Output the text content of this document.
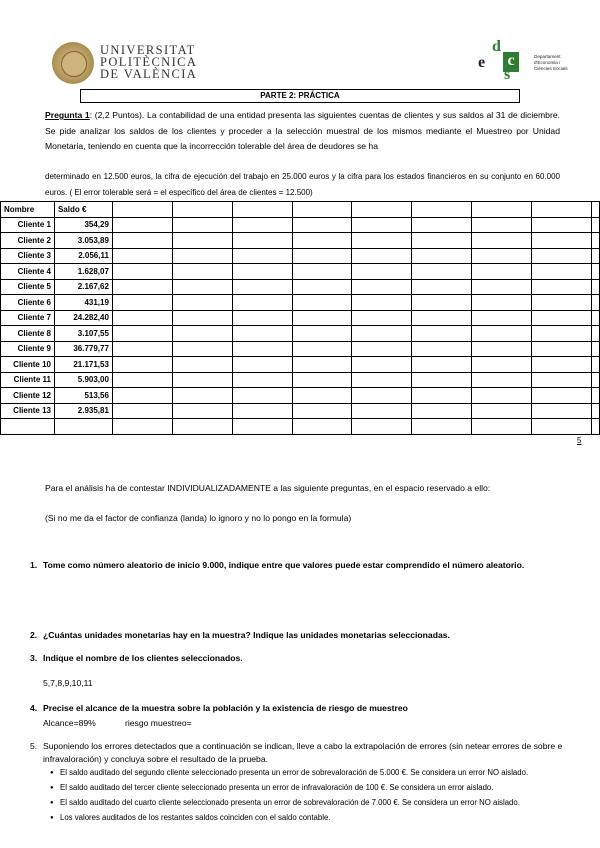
UNIVERSITAT
POLITÈCNICA
DE VALÈNCIA
d
e c
s
Departament
d'Economia i
Ciències Socials
PARTE 2: PRÁCTICA
Pregunta 1: (2,2 Puntos). La contabilidad de una entidad presenta las siguientes cuentas de clientes y sus saldos al 31 de diciembre. Se pide analizar los saldos de los clientes y proceder a la selección muestral de los mismos mediante el Muestreo por Unidad Monetaria, teniendo en cuenta que la incorrección tolerable del área de deudores se ha
determinado en 12.500 euros, la cifra de ejecución del trabajo en 25.000 euros y la cifra para los estados financieros en su conjunto en 60.000 euros. ( El error tolerable será = el específico del área de clientes = 12.500)
Nombre	Saldo €									
Cliente 1	354,29									
Cliente 2	3.053,89									
Cliente 3	2.056,11									
Cliente 4	1.628,07									
Cliente 5	2.167,62									
Cliente 6	431,19									
Cliente 7	24.282,40									
Cliente 8	3.107,55									
Cliente 9	36.779,77									
Cliente 10	21.171,53									
Cliente 11	5.903,00									
Cliente 12	513,56									
Cliente 13	2.935,81									

5
Para el análisis ha de contestar INDIVIDUALIZADAMENTE a las siguiente preguntas, en el espacio reservado a ello:
(Si no me da el factor de confianza (landa) lo ignoro y no lo pongo en la formula)
1. Tome como número aleatorio de inicio 9.000, indique entre que valores puede estar comprendido el número aleatorio.
2. ¿Cuántas unidades monetarias hay en la muestra? Indique las unidades monetarias seleccionadas.
3. Indique el nombre de los clientes seleccionados.
5,7,8,9,10,11
4. Precise el alcance de la muestra sobre la población y la existencia de riesgo de muestreo
Alcance=89%	riesgo muestreo=
5. Suponiendo los errores detectados que a continuación se indican, lleve a cabo la extrapolación de errores (sin netear errores de sobre e infravaloración) y concluya sobre el resultado de la prueba.
● El saldo auditado del segundo cliente seleccionado presenta un error de sobrevaloración de 5.000 €. Se considera un error NO aislado.
● El saldo auditado del tercer cliente seleccionado presenta un error de infravaloración de 100 €. Se considera un error aislado.
● El saldo auditado del cuarto cliente seleccionado presenta un error de sobrevaloración de 7.000 €. Se considera un error NO aislado.
● Los valores auditados de los restantes saldos coinciden con el saldo contable.
